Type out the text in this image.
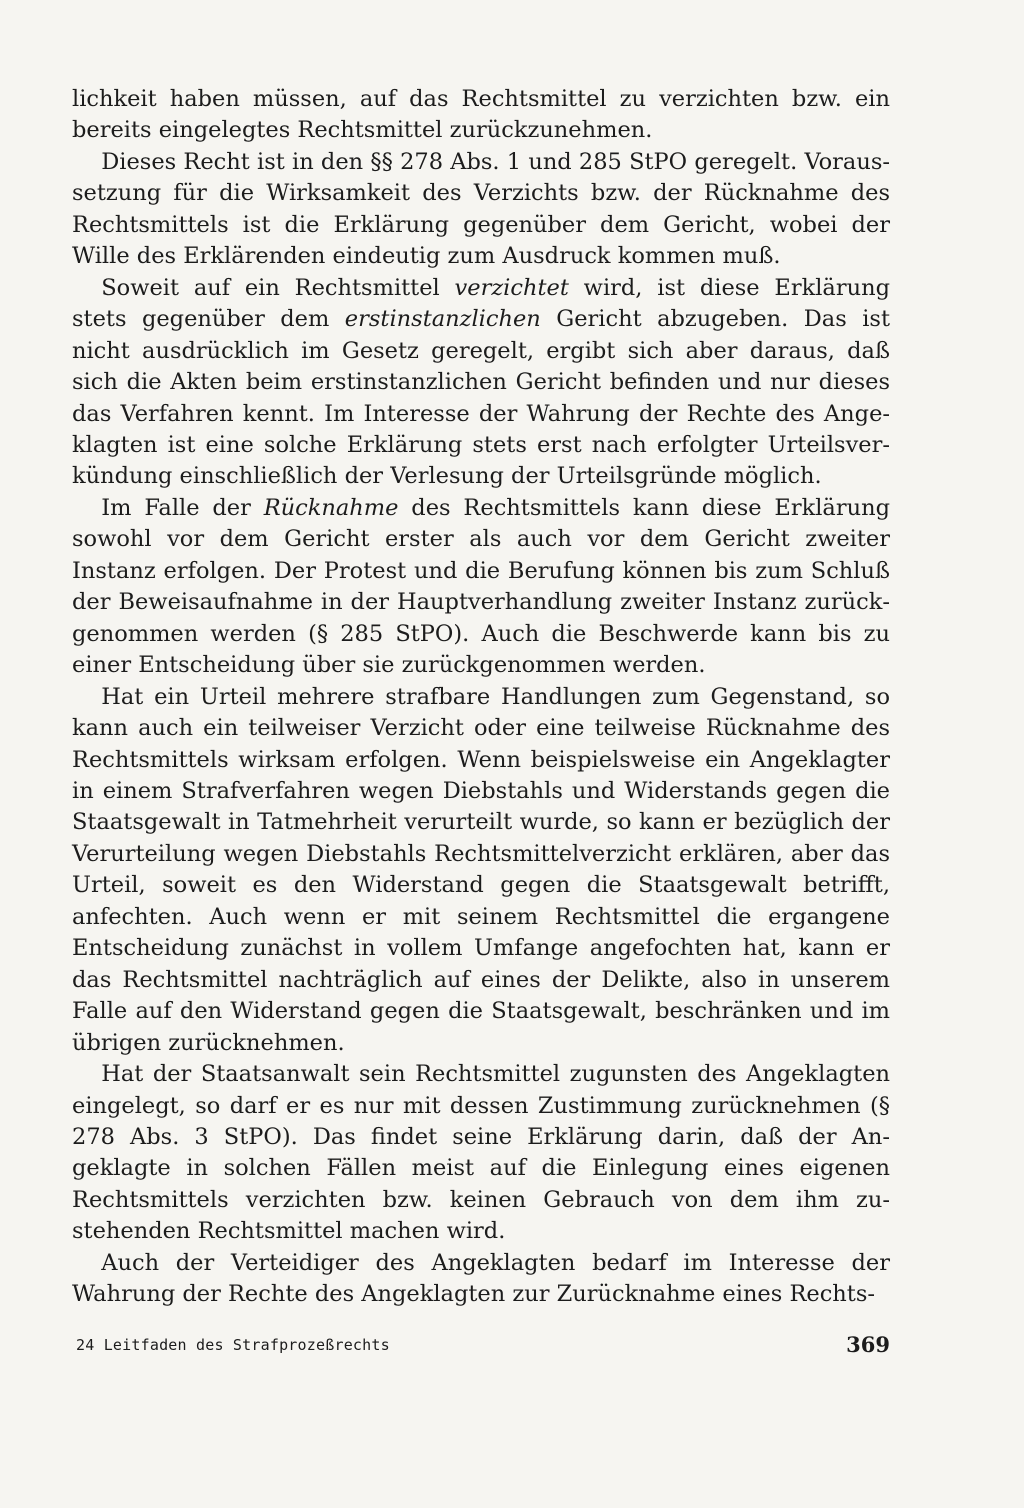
lichkeit haben müssen, auf das Rechtsmittel zu verzichten bzw. ein bereits eingelegtes Rechtsmittel zurückzunehmen.

Dieses Recht ist in den §§ 278 Abs. 1 und 285 StPO geregelt. Voraussetzung für die Wirksamkeit des Verzichts bzw. der Rücknahme des Rechtsmittels ist die Erklärung gegenüber dem Gericht, wobei der Wille des Erklärenden eindeutig zum Ausdruck kommen muß.

Soweit auf ein Rechtsmittel verzichtet wird, ist diese Erklärung stets gegenüber dem erstinstanzlichen Gericht abzugeben. Das ist nicht ausdrücklich im Gesetz geregelt, ergibt sich aber daraus, daß sich die Akten beim erstinstanzlichen Gericht befinden und nur dieses das Verfahren kennt. Im Interesse der Wahrung der Rechte des Angeklagten ist eine solche Erklärung stets erst nach erfolgter Urteilsverkündung einschließlich der Verlesung der Urteilsgründe möglich.

Im Falle der Rücknahme des Rechtsmittels kann diese Erklärung sowohl vor dem Gericht erster als auch vor dem Gericht zweiter Instanz erfolgen. Der Protest und die Berufung können bis zum Schluß der Beweisaufnahme in der Hauptverhandlung zweiter Instanz zurückgenommen werden (§ 285 StPO). Auch die Beschwerde kann bis zu einer Entscheidung über sie zurückgenommen werden.

Hat ein Urteil mehrere strafbare Handlungen zum Gegenstand, so kann auch ein teilweiser Verzicht oder eine teilweise Rücknahme des Rechtsmittels wirksam erfolgen. Wenn beispielsweise ein Angeklagter in einem Strafverfahren wegen Diebstahls und Widerstands gegen die Staatsgewalt in Tatmehrheit verurteilt wurde, so kann er bezüglich der Verurteilung wegen Diebstahls Rechtsmittelverzicht erklären, aber das Urteil, soweit es den Widerstand gegen die Staatsgewalt betrifft, anfechten. Auch wenn er mit seinem Rechtsmittel die ergangene Entscheidung zunächst in vollem Umfange angefochten hat, kann er das Rechtsmittel nachträglich auf eines der Delikte, also in unserem Falle auf den Widerstand gegen die Staatsgewalt, beschränken und im übrigen zurücknehmen.

Hat der Staatsanwalt sein Rechtsmittel zugunsten des Angeklagten eingelegt, so darf er es nur mit dessen Zustimmung zurücknehmen (§ 278 Abs. 3 StPO). Das findet seine Erklärung darin, daß der Angeklagte in solchen Fällen meist auf die Einlegung eines eigenen Rechtsmittels verzichten bzw. keinen Gebrauch von dem ihm zustehenden Rechtsmittel machen wird.

Auch der Verteidiger des Angeklagten bedarf im Interesse der Wahrung der Rechte des Angeklagten zur Zurücknahme eines Rechts-

24 Leitfaden des Strafprozeßrechts	369
